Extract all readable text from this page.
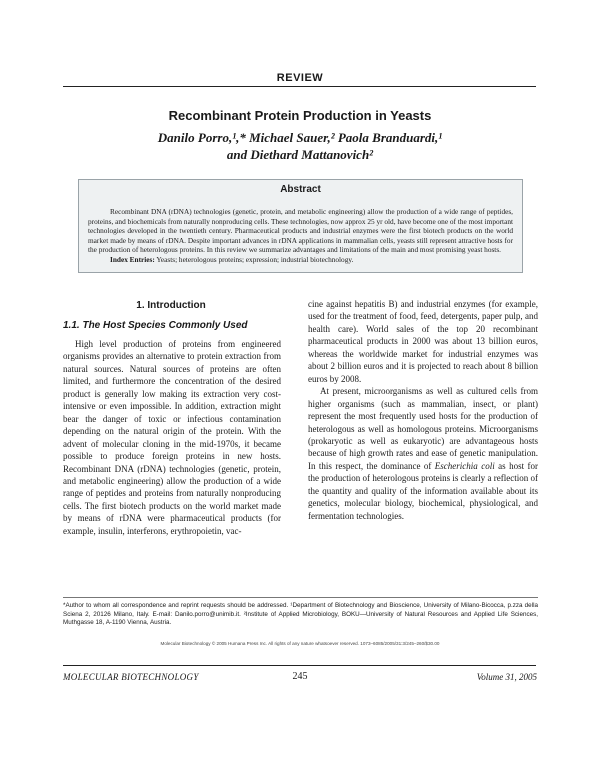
REVIEW
Recombinant Protein Production in Yeasts
Danilo Porro,¹,* Michael Sauer,² Paola Branduardi,¹
and Diethard Mattanovich²
Abstract
Recombinant DNA (rDNA) technologies (genetic, protein, and metabolic engineering) allow the production of a wide range of peptides, proteins, and biochemicals from naturally nonproducing cells. These technologies, now approx 25 yr old, have become one of the most important technologies developed in the twentieth century. Pharmaceutical products and industrial enzymes were the first biotech products on the world market made by means of rDNA. Despite important advances in rDNA applications in mammalian cells, yeasts still represent attractive hosts for the production of heterologous proteins. In this review we summarize advantages and limitations of the main and most promising yeast hosts.
Index Entries: Yeasts; heterologous proteins; expression; industrial biotechnology.
1. Introduction
1.1. The Host Species Commonly Used

High level production of proteins from engineered organisms provides an alternative to protein extraction from natural sources. Natural sources of proteins are often limited, and furthermore the concentration of the desired product is generally low making its extraction very cost-intensive or even impossible. In addition, extraction might bear the danger of toxic or infectious contamination depending on the natural origin of the protein. With the advent of molecular cloning in the mid-1970s, it became possible to produce foreign proteins in new hosts. Recombinant DNA (rDNA) technologies (genetic, protein, and metabolic engineering) allow the production of a wide range of peptides and proteins from naturally nonproducing cells. The first biotech products on the world market made by means of rDNA were pharmaceutical products (for example, insulin, interferons, erythropoietin, vac-

cine against hepatitis B) and industrial enzymes (for example, used for the treatment of food, feed, detergents, paper pulp, and health care). World sales of the top 20 recombinant pharmaceutical products in 2000 was about 13 billion euros, whereas the worldwide market for industrial enzymes was about 2 billion euros and it is projected to reach about 8 billion euros by 2008.

At present, microorganisms as well as cultured cells from higher organisms (such as mammalian, insect, or plant) represent the most frequently used hosts for the production of heterologous as well as homologous proteins. Microorganisms (prokaryotic as well as eukaryotic) are advantageous hosts because of high growth rates and ease of genetic manipulation. In this respect, the dominance of Escherichia coli as host for the production of heterologous proteins is clearly a reflection of the quantity and quality of the information available about its genetics, molecular biology, biochemical, physiological, and fermentation technologies.

*Author to whom all correspondence and reprint requests should be addressed. ¹Department of Biotechnology and Bioscience, University of Milano-Bicocca, p.zza della Sciena 2, 20126 Milano, Italy. E-mail: Danilo.porro@unimib.it. ²Institute of Applied Microbiology, BOKU—University of Natural Resources and Applied Life Sciences, Muthgasse 18, A-1190 Vienna, Austria.
Molecular Biotechnology © 2005 Humana Press Inc. All rights of any nature whatsoever reserved. 1073–6085/2005/31:3/245–260/$30.00
MOLECULAR BIOTECHNOLOGY	245	Volume 31, 2005
